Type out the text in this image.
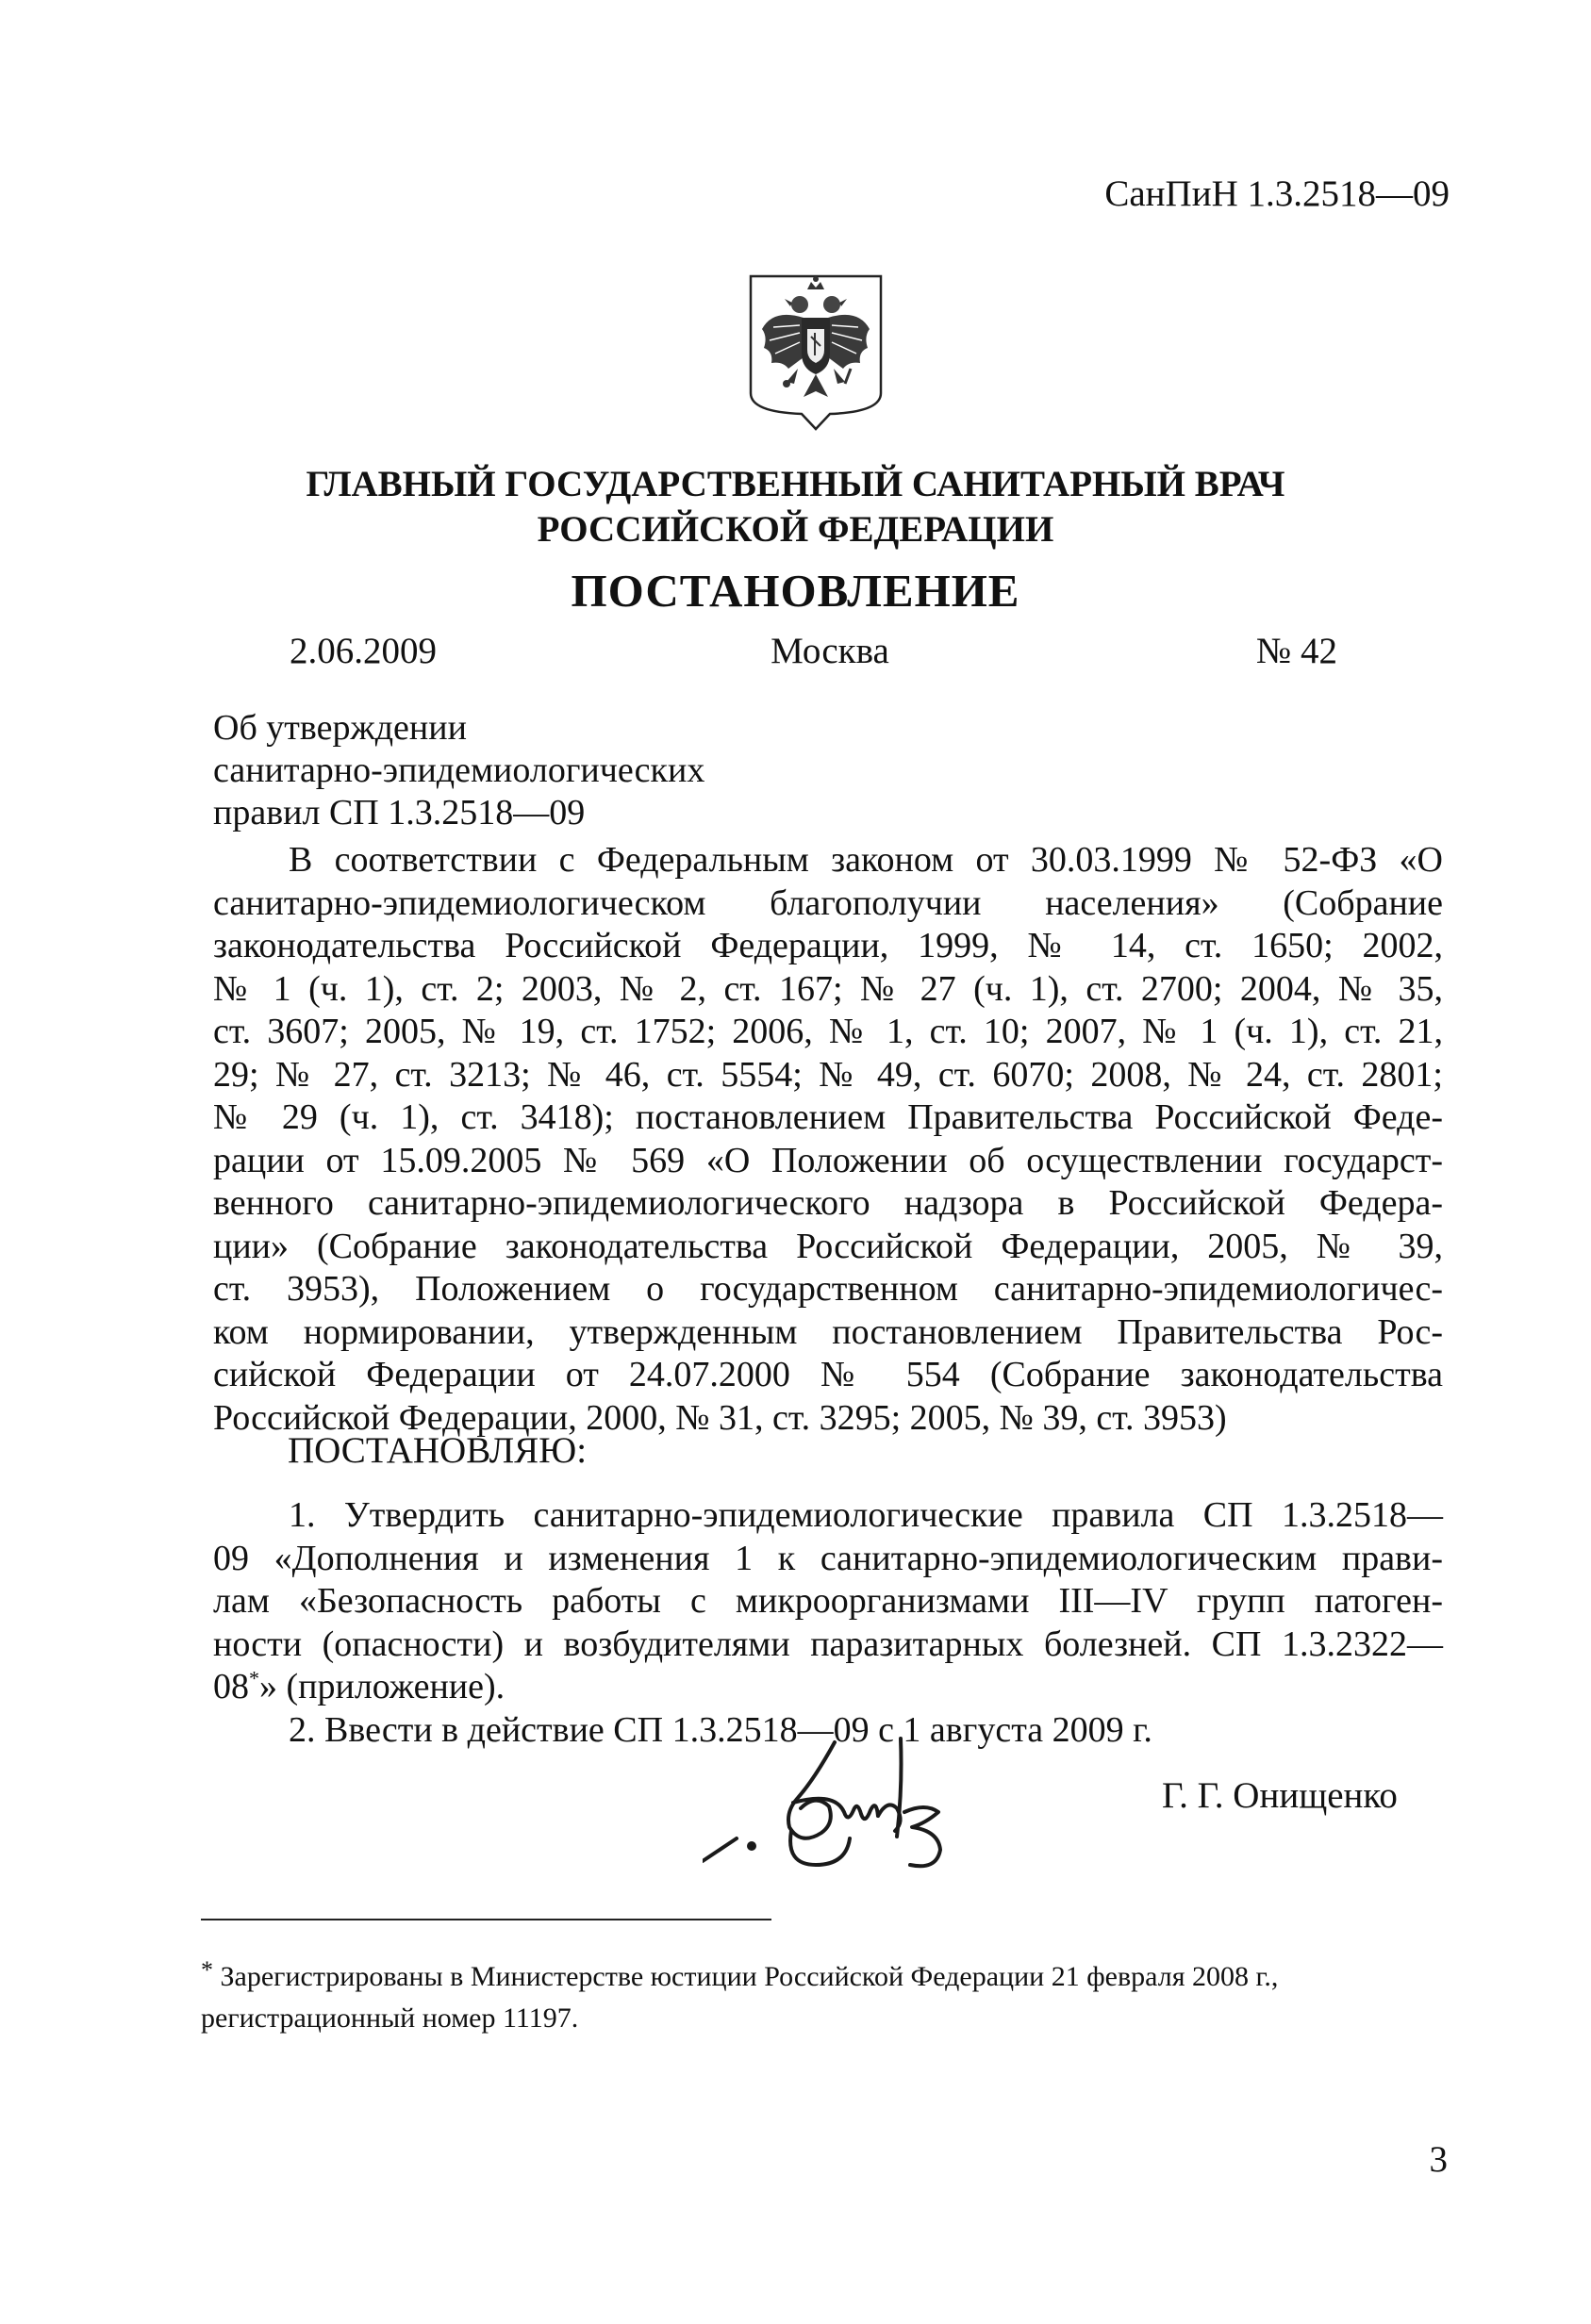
СанПиН 1.3.2518—09
ГЛАВНЫЙ ГОСУДАРСТВЕННЫЙ САНИТАРНЫЙ ВРАЧ
РОССИЙСКОЙ ФЕДЕРАЦИИ
ПОСТАНОВЛЕНИЕ
2.06.2009	Москва	№ 42
Об утверждении
санитарно-эпидемиологических
правил СП 1.3.2518—09
В соответствии с Федеральным законом от 30.03.1999 № 52-ФЗ «О
санитарно-эпидемиологическом благополучии населения» (Собрание
законодательства Российской Федерации, 1999, № 14, ст. 1650; 2002,
№ 1 (ч. 1), ст. 2; 2003, № 2, ст. 167; № 27 (ч. 1), ст. 2700; 2004, № 35,
ст. 3607; 2005, № 19, ст. 1752; 2006, № 1, ст. 10; 2007, № 1 (ч. 1), ст. 21,
29; № 27, ст. 3213; № 46, ст. 5554; № 49, ст. 6070; 2008, № 24, ст. 2801;
№ 29 (ч. 1), ст. 3418); постановлением Правительства Российской Феде-
рации от 15.09.2005 № 569 «О Положении об осуществлении государст-
венного санитарно-эпидемиологического надзора в Российской Федера-
ции» (Собрание законодательства Российской Федерации, 2005, № 39,
ст. 3953), Положением о государственном санитарно-эпидемиологичес-
ком нормировании, утвержденным постановлением Правительства Рос-
сийской Федерации от 24.07.2000 № 554 (Собрание законодательства
Российской Федерации, 2000, № 31, ст. 3295; 2005, № 39, ст. 3953)
ПОСТАНОВЛЯЮ:
1. Утвердить санитарно-эпидемиологические правила СП 1.3.2518—
09 «Дополнения и изменения 1 к санитарно-эпидемиологическим прави-
лам «Безопасность работы с микроорганизмами III—IV групп патоген-
ности (опасности) и возбудителями паразитарных болезней. СП 1.3.2322—
08*» (приложение).
2. Ввести в действие СП 1.3.2518—09 с 1 августа 2009 г.
Г. Г. Онищенко
* Зарегистрированы в Министерстве юстиции Российской Федерации 21 февраля 2008 г.,
регистрационный номер 11197.
3
